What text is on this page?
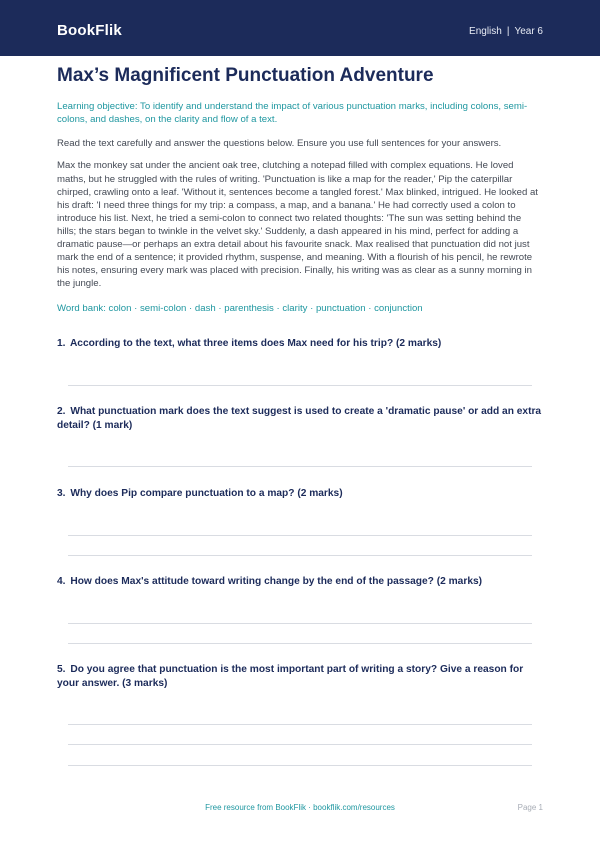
BookFlik	English | Year 6
Max’s Magnificent Punctuation Adventure

Learning objective: To identify and understand the impact of various punctuation marks, including colons, semi-colons, and dashes, on the clarity and flow of a text.

Read the text carefully and answer the questions below. Ensure you use full sentences for your answers.

Max the monkey sat under the ancient oak tree, clutching a notepad filled with complex equations. He loved maths, but he struggled with the rules of writing. 'Punctuation is like a map for the reader,' Pip the caterpillar chirped, crawling onto a leaf. 'Without it, sentences become a tangled forest.' Max blinked, intrigued. He looked at his draft: 'I need three things for my trip: a compass, a map, and a banana.' He had correctly used a colon to introduce his list. Next, he tried a semi-colon to connect two related thoughts: 'The sun was setting behind the hills; the stars began to twinkle in the velvet sky.' Suddenly, a dash appeared in his mind, perfect for adding a dramatic pause—or perhaps an extra detail about his favourite snack. Max realised that punctuation did not just mark the end of a sentence; it provided rhythm, suspense, and meaning. With a flourish of his pencil, he rewrote his notes, ensuring every mark was placed with precision. Finally, his writing was as clear as a sunny morning in the jungle.

Word bank: colon · semi-colon · dash · parenthesis · clarity · punctuation · conjunction

1. According to the text, what three items does Max need for his trip? (2 marks)
2. What punctuation mark does the text suggest is used to create a 'dramatic pause' or add an extra detail? (1 mark)
3. Why does Pip compare punctuation to a map? (2 marks)
4. How does Max's attitude toward writing change by the end of the passage? (2 marks)
5. Do you agree that punctuation is the most important part of writing a story? Give a reason for your answer. (3 marks)
Free resource from BookFlik · bookflik.com/resources	Page 1
